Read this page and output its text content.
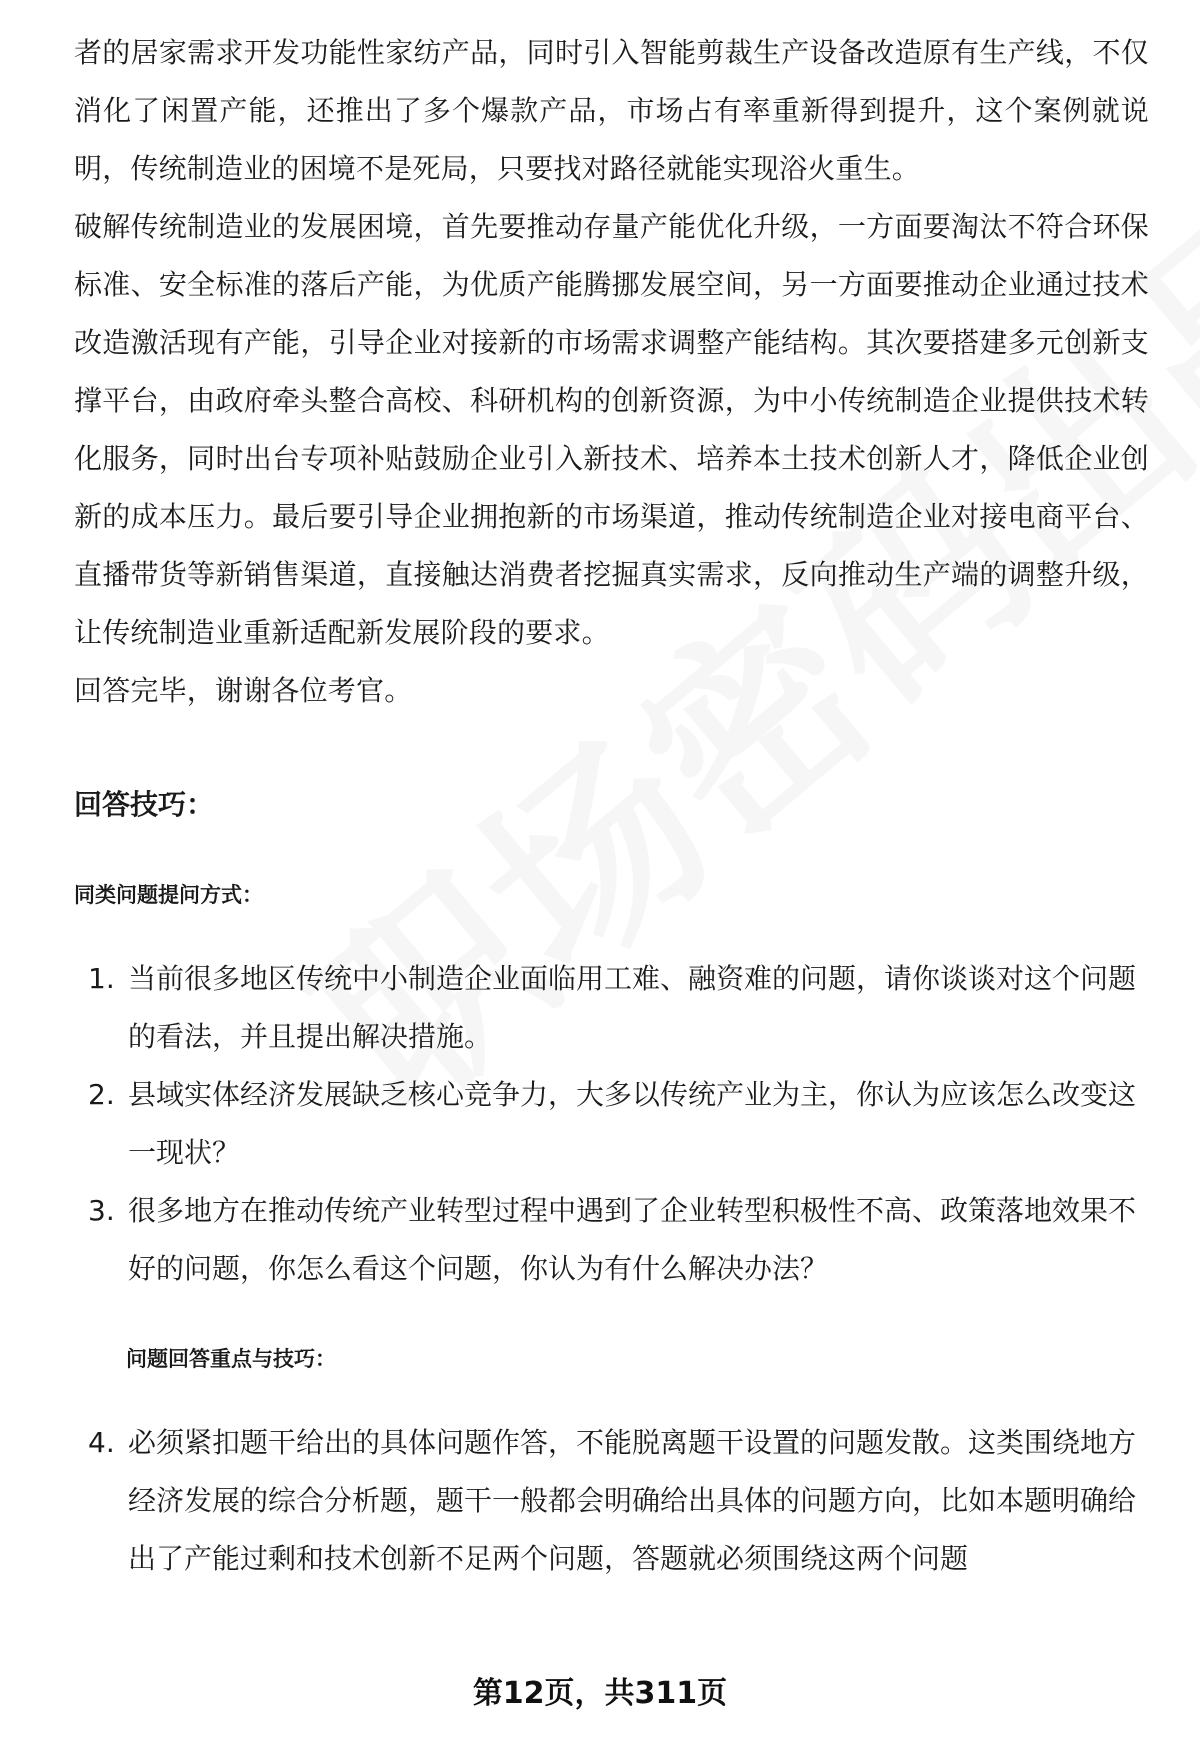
者的居家需求开发功能性家纺产品，同时引入智能剪裁生产设备改造原有生产线，不仅消化了闲置产能，还推出了多个爆款产品，市场占有率重新得到提升，这个案例就说明，传统制造业的困境不是死局，只要找对路径就能实现浴火重生。

破解传统制造业的发展困境，首先要推动存量产能优化升级，一方面要淘汰不符合环保标准、安全标准的落后产能，为优质产能腾挪发展空间，另一方面要推动企业通过技术改造激活现有产能，引导企业对接新的市场需求调整产能结构。其次要搭建多元创新支撑平台，由政府牵头整合高校、科研机构的创新资源，为中小传统制造企业提供技术转化服务，同时出台专项补贴鼓励企业引入新技术、培养本土技术创新人才，降低企业创新的成本压力。最后要引导企业拥抱新的市场渠道，推动传统制造企业对接电商平台、直播带货等新销售渠道，直接触达消费者挖掘真实需求，反向推动生产端的调整升级，让传统制造业重新适配新发展阶段的要求。

回答完毕，谢谢各位考官。

回答技巧：
同类问题提问方式：
1. 当前很多地区传统中小制造企业面临用工难、融资难的问题，请你谈谈对这个问题的看法，并且提出解决措施。
2. 县域实体经济发展缺乏核心竞争力，大多以传统产业为主，你认为应该怎么改变这一现状？
3. 很多地方在推动传统产业转型过程中遇到了企业转型积极性不高、政策落地效果不好的问题，你怎么看这个问题，你认为有什么解决办法？
问题回答重点与技巧：
4. 必须紧扣题干给出的具体问题作答，不能脱离题干设置的问题发散。这类围绕地方经济发展的综合分析题，题干一般都会明确给出具体的问题方向，比如本题明确给出了产能过剩和技术创新不足两个问题，答题就必须围绕这两个问题
第12页，共311页
